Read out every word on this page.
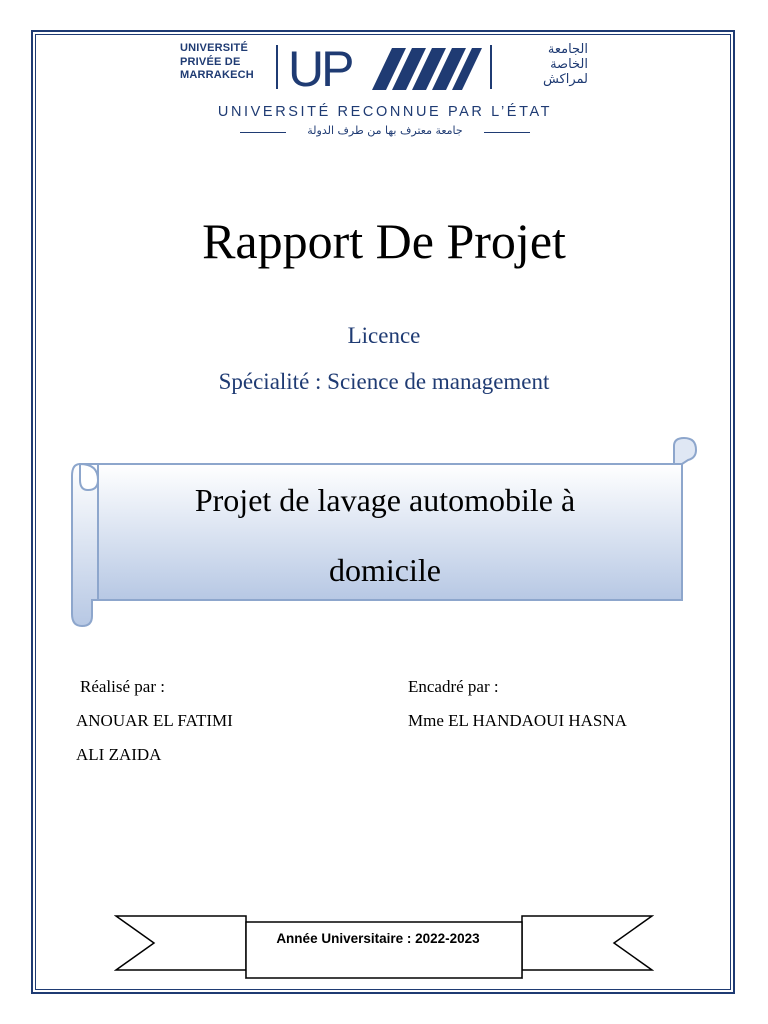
UNIVERSITÉ
PRIVÉE DE
MARRAKECH UP	الجامعة
الخاصة
لمراكش
UNIVERSITÉ RECONNUE PAR L’ÉTAT
جامعة معترف بها من طرف الدولة
Rapport De Projet
Licence
Spécialité : Science de management
Projet de lavage automobile à
domicile
Réalisé par :	Encadré par :
ANOUAR EL FATIMI
ALI ZAIDA
Mme EL HANDAOUI HASNA
Année Universitaire : 2022-2023
